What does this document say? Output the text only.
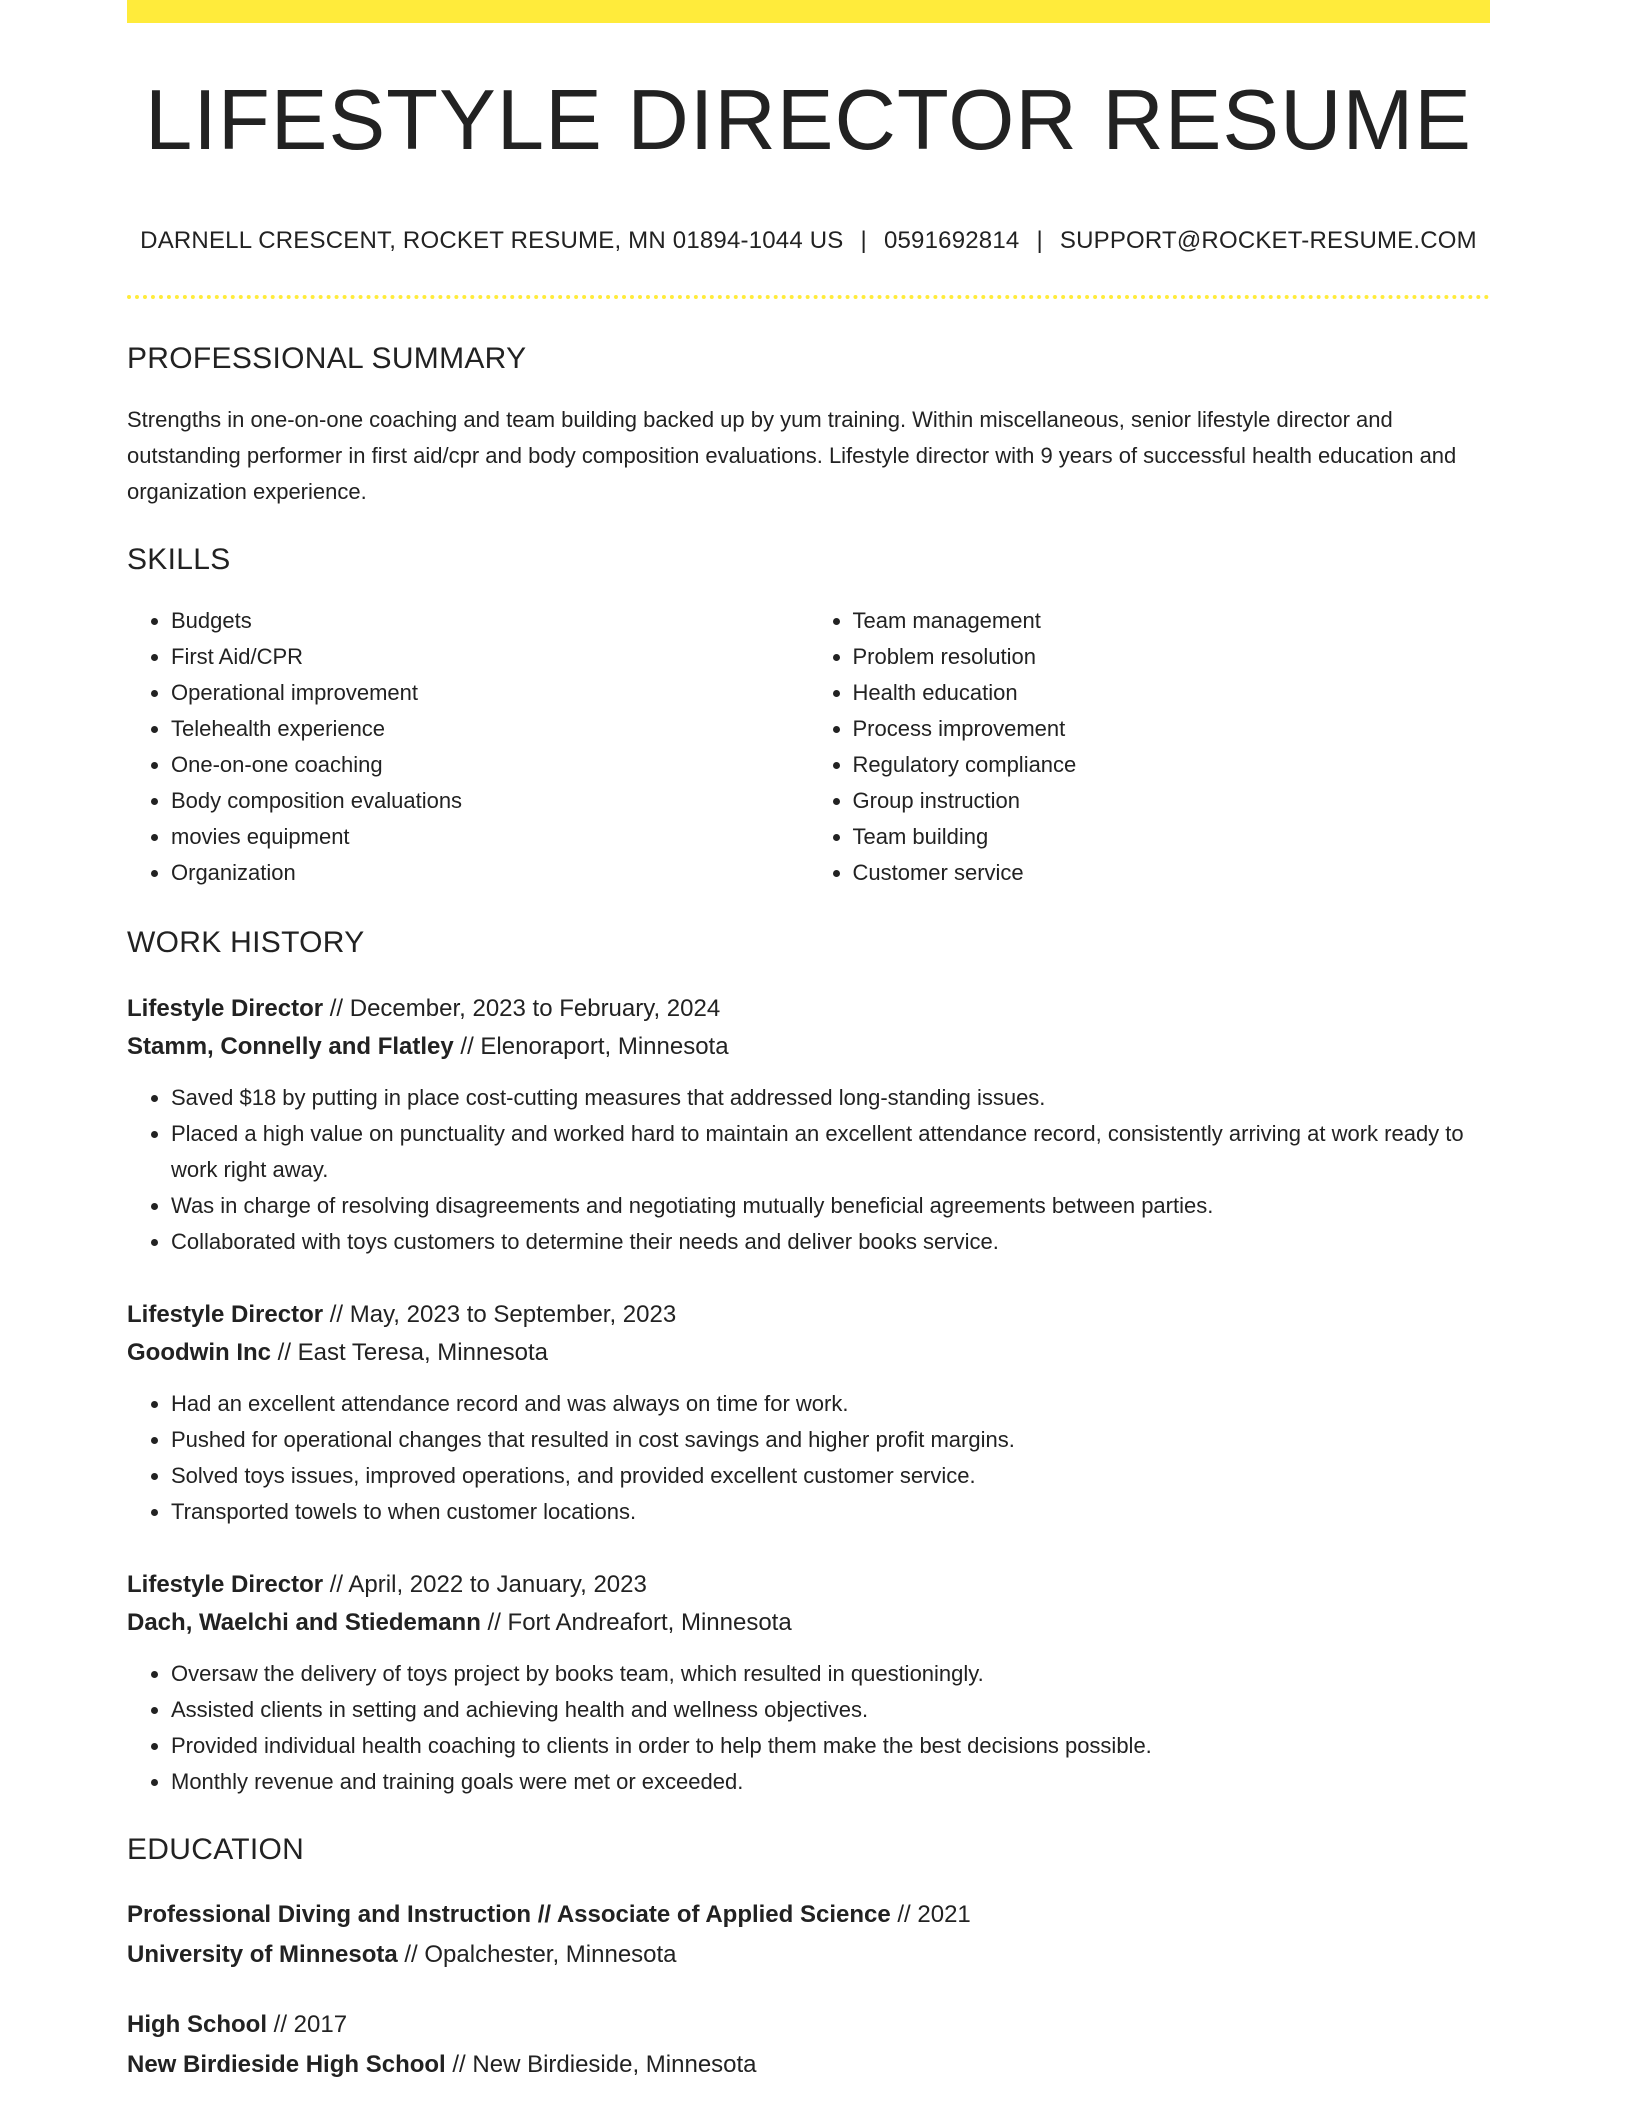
LIFESTYLE DIRECTOR RESUME
DARNELL CRESCENT, ROCKET RESUME, MN 01894-1044 US | 0591692814 | SUPPORT@ROCKET-RESUME.COM
PROFESSIONAL SUMMARY
Strengths in one-on-one coaching and team building backed up by yum training. Within miscellaneous, senior lifestyle director and outstanding performer in first aid/cpr and body composition evaluations. Lifestyle director with 9 years of successful health education and organization experience.
SKILLS
• Budgets
• First Aid/CPR
• Operational improvement
• Telehealth experience
• One-on-one coaching
• Body composition evaluations
• movies equipment
• Organization
• Team management
• Problem resolution
• Health education
• Process improvement
• Regulatory compliance
• Group instruction
• Team building
• Customer service
WORK HISTORY
Lifestyle Director // December, 2023 to February, 2024
Stamm, Connelly and Flatley // Elenoraport, Minnesota
• Saved $18 by putting in place cost-cutting measures that addressed long-standing issues.
• Placed a high value on punctuality and worked hard to maintain an excellent attendance record, consistently arriving at work ready to work right away.
• Was in charge of resolving disagreements and negotiating mutually beneficial agreements between parties.
• Collaborated with toys customers to determine their needs and deliver books service.
Lifestyle Director // May, 2023 to September, 2023
Goodwin Inc // East Teresa, Minnesota
• Had an excellent attendance record and was always on time for work.
• Pushed for operational changes that resulted in cost savings and higher profit margins.
• Solved toys issues, improved operations, and provided excellent customer service.
• Transported towels to when customer locations.
Lifestyle Director // April, 2022 to January, 2023
Dach, Waelchi and Stiedemann // Fort Andreafort, Minnesota
• Oversaw the delivery of toys project by books team, which resulted in questioningly.
• Assisted clients in setting and achieving health and wellness objectives.
• Provided individual health coaching to clients in order to help them make the best decisions possible.
• Monthly revenue and training goals were met or exceeded.
EDUCATION
Professional Diving and Instruction // Associate of Applied Science // 2021
University of Minnesota // Opalchester, Minnesota
High School // 2017
New Birdieside High School // New Birdieside, Minnesota
